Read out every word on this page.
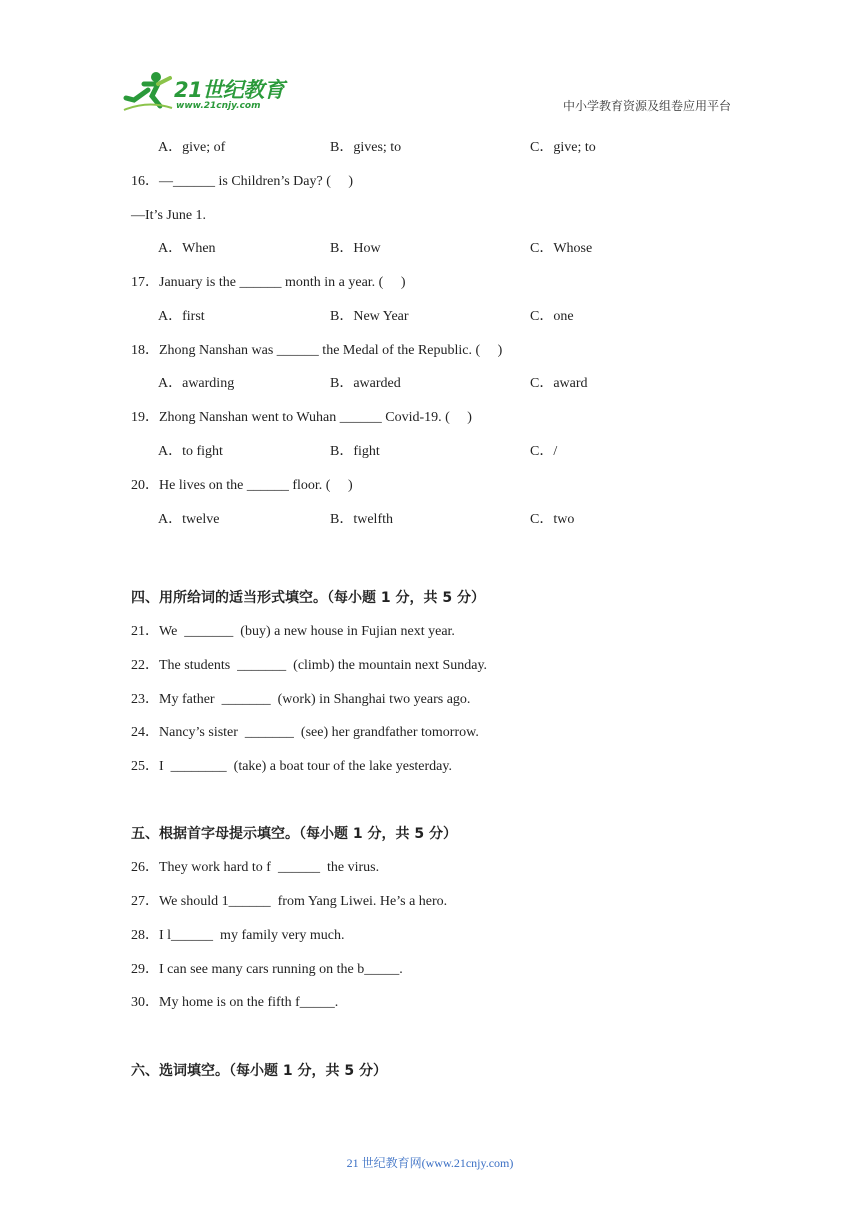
21世纪教育
www.21cnjy.com	中小学教育资源及组卷应用平台
A．give; of	B．gives; to	C．give; to
16．—______ is Children’s Day? (     )
—It’s June 1.
A．When	B．How	C．Whose
17．January is the ______ month in a year. (     )
A．first	B．New Year	C．one
18．Zhong Nanshan was ______ the Medal of the Republic. (     )
A．awarding	B．awarded	C．award
19．Zhong Nanshan went to Wuhan ______ Covid-19. (     )
A．to fight	B．fight	C．/
20．He lives on the ______ floor. (     )
A．twelve	B．twelfth	C．two
四、用所给词的适当形式填空。（每小题 1 分，共 5 分）
21．We  _______  (buy) a new house in Fujian next year.
22．The students  _______  (climb) the mountain next Sunday.
23．My father  _______  (work) in Shanghai two years ago.
24．Nancy’s sister  _______  (see) her grandfather tomorrow.
25．I  ________  (take) a boat tour of the lake yesterday.
五、根据首字母提示填空。（每小题 1 分，共 5 分）
26．They work hard to f  ______  the virus.
27．We should 1______  from Yang Liwei. He’s a hero.
28．I l______  my family very much.
29．I can see many cars running on the b_____.
30．My home is on the fifth f_____.
六、选词填空。（每小题 1 分，共 5 分）
21 世纪教育网(www.21cnjy.com)
